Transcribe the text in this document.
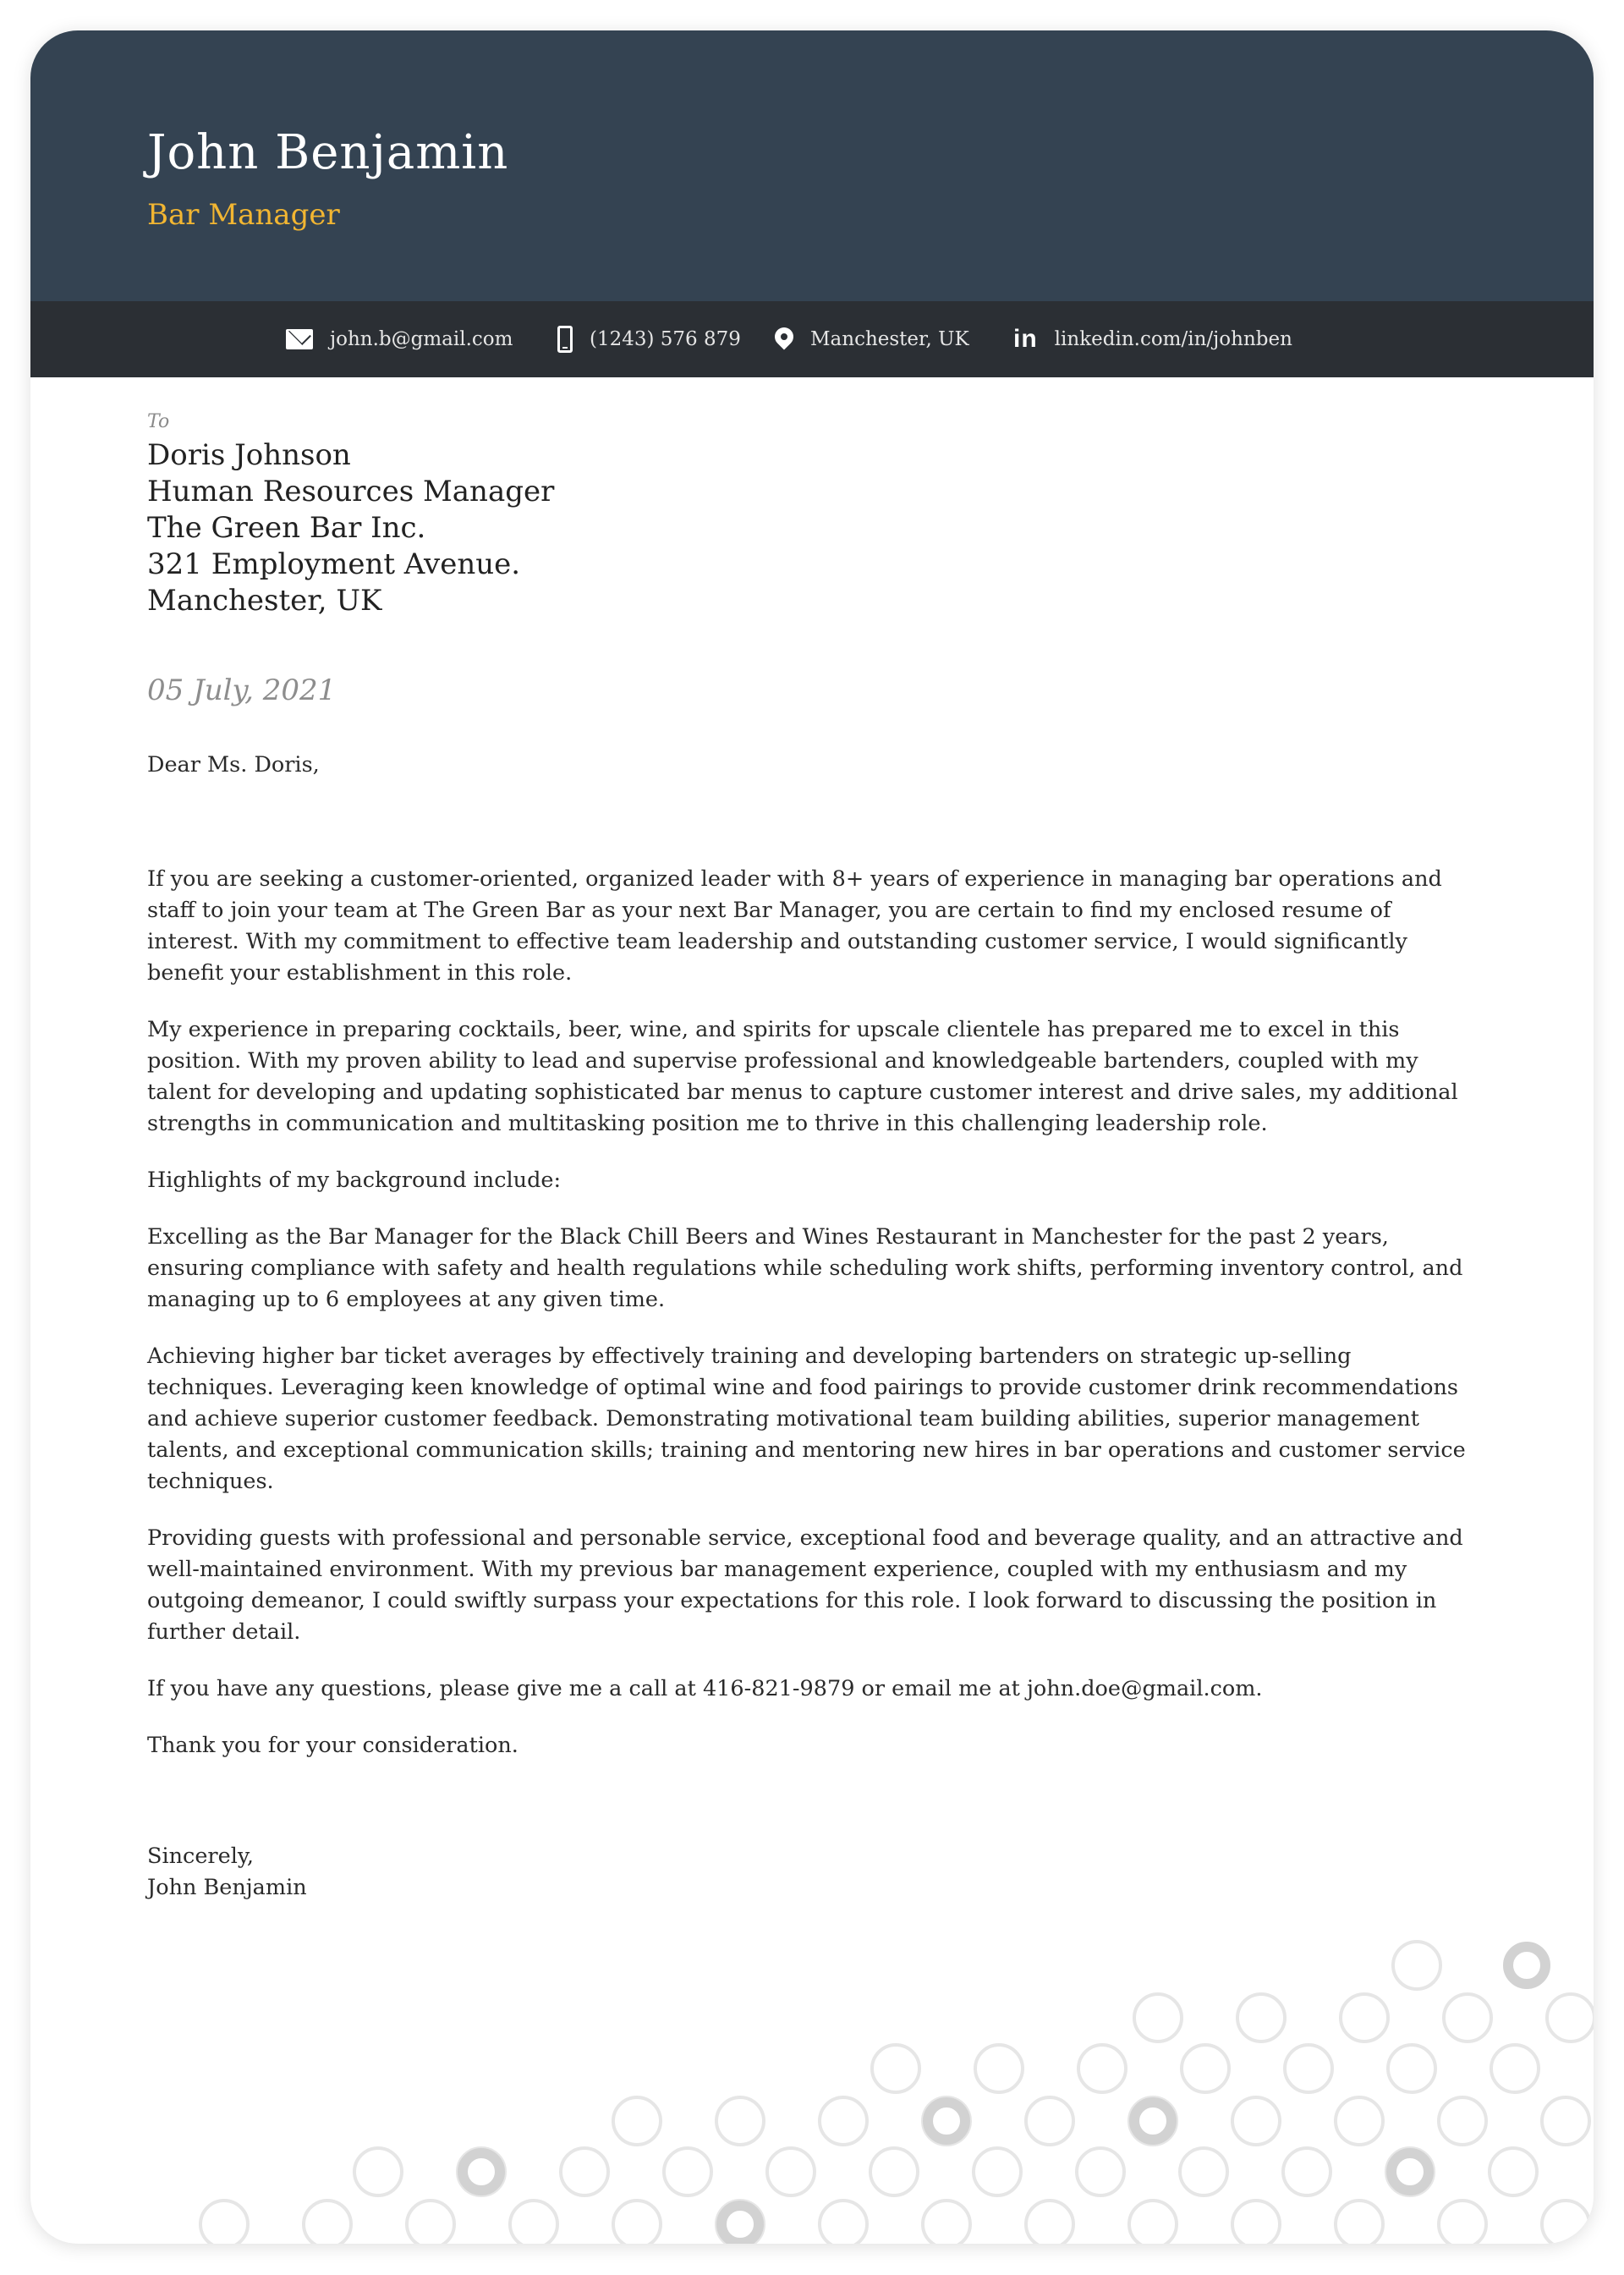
John Benjamin
Bar Manager
john.b@gmail.com	(1243) 576 879	Manchester, UK in linkedin.com/in/johnben
To
Doris Johnson
Human Resources Manager
The Green Bar Inc.
321 Employment Avenue.
Manchester, UK
05 July, 2021

Dear Ms. Doris,

If you are seeking a customer-oriented, organized leader with 8+ years of experience in managing bar operations and staff to join your team at The Green Bar as your next Bar Manager, you are certain to find my enclosed resume of interest. With my commitment to effective team leadership and outstanding customer service, I would significantly benefit your establishment in this role.

My experience in preparing cocktails, beer, wine, and spirits for upscale clientele has prepared me to excel in this position. With my proven ability to lead and supervise professional and knowledgeable bartenders, coupled with my talent for developing and updating sophisticated bar menus to capture customer interest and drive sales, my additional strengths in communication and multitasking position me to thrive in this challenging leadership role.

Highlights of my background include:

Excelling as the Bar Manager for the Black Chill Beers and Wines Restaurant in Manchester for the past 2 years, ensuring compliance with safety and health regulations while scheduling work shifts, performing inventory control, and managing up to 6 employees at any given time.

Achieving higher bar ticket averages by effectively training and developing bartenders on strategic up-selling techniques. Leveraging keen knowledge of optimal wine and food pairings to provide customer drink recommendations and achieve superior customer feedback. Demonstrating motivational team building abilities, superior management talents, and exceptional communication skills; training and mentoring new hires in bar operations and customer service techniques.

Providing guests with professional and personable service, exceptional food and beverage quality, and an attractive and well-maintained environment. With my previous bar management experience, coupled with my enthusiasm and my outgoing demeanor, I could swiftly surpass your expectations for this role. I look forward to discussing the position in further detail.

If you have any questions, please give me a call at 416-821-9879 or email me at john.doe@gmail.com.

Thank you for your consideration.

Sincerely,

John Benjamin
